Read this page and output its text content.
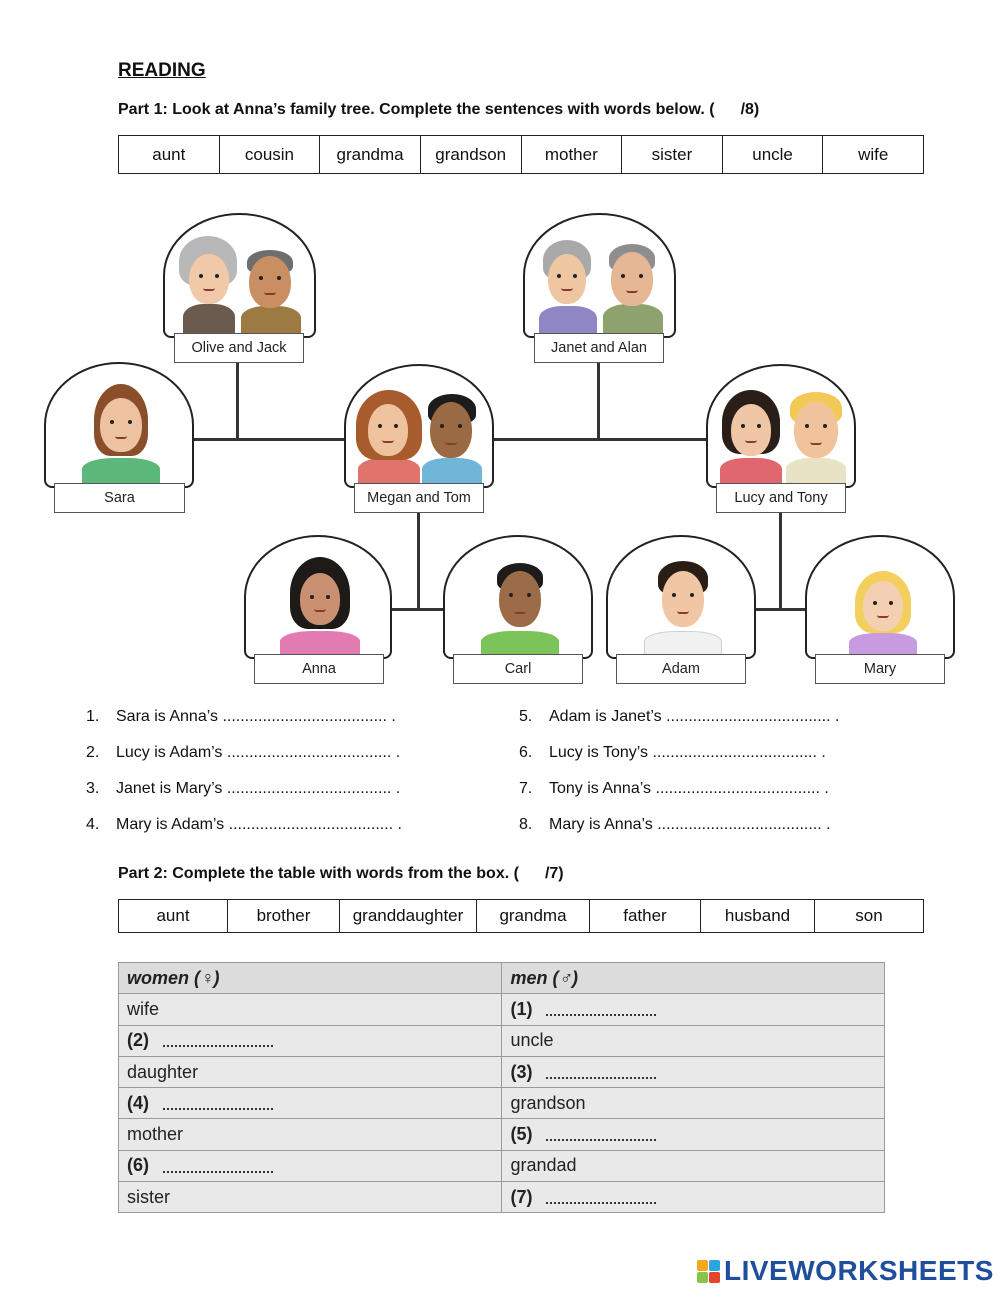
READING
Part 1: Look at Anna’s family tree. Complete the sentences with words below. ( /8)
aunt	cousin	grandma	grandson	mother	sister	uncle	wife
Olive and Jack	Janet and Alan
Sara	Megan and Tom	Lucy and Tony
Anna	Carl	Adam	Mary
1. Sara is Anna’s ..................................... .
2. Lucy is Adam’s ..................................... .
3. Janet is Mary’s ..................................... .
4. Mary is Adam’s ..................................... .
5. Adam is Janet’s ..................................... .
6. Lucy is Tony’s ..................................... .
7. Tony is Anna’s ..................................... .
8. Mary is Anna’s ..................................... .
Part 2: Complete the table with words from the box. ( /7)
aunt	brother	granddaughter	grandma	father	husband	son
women (♀)	men (♂)
wife	(1)
(2)	uncle
daughter	(3)
(4)	grandson
mother	(5)
(6)	grandad
sister	(7)
LIVEWORKSHEETS
